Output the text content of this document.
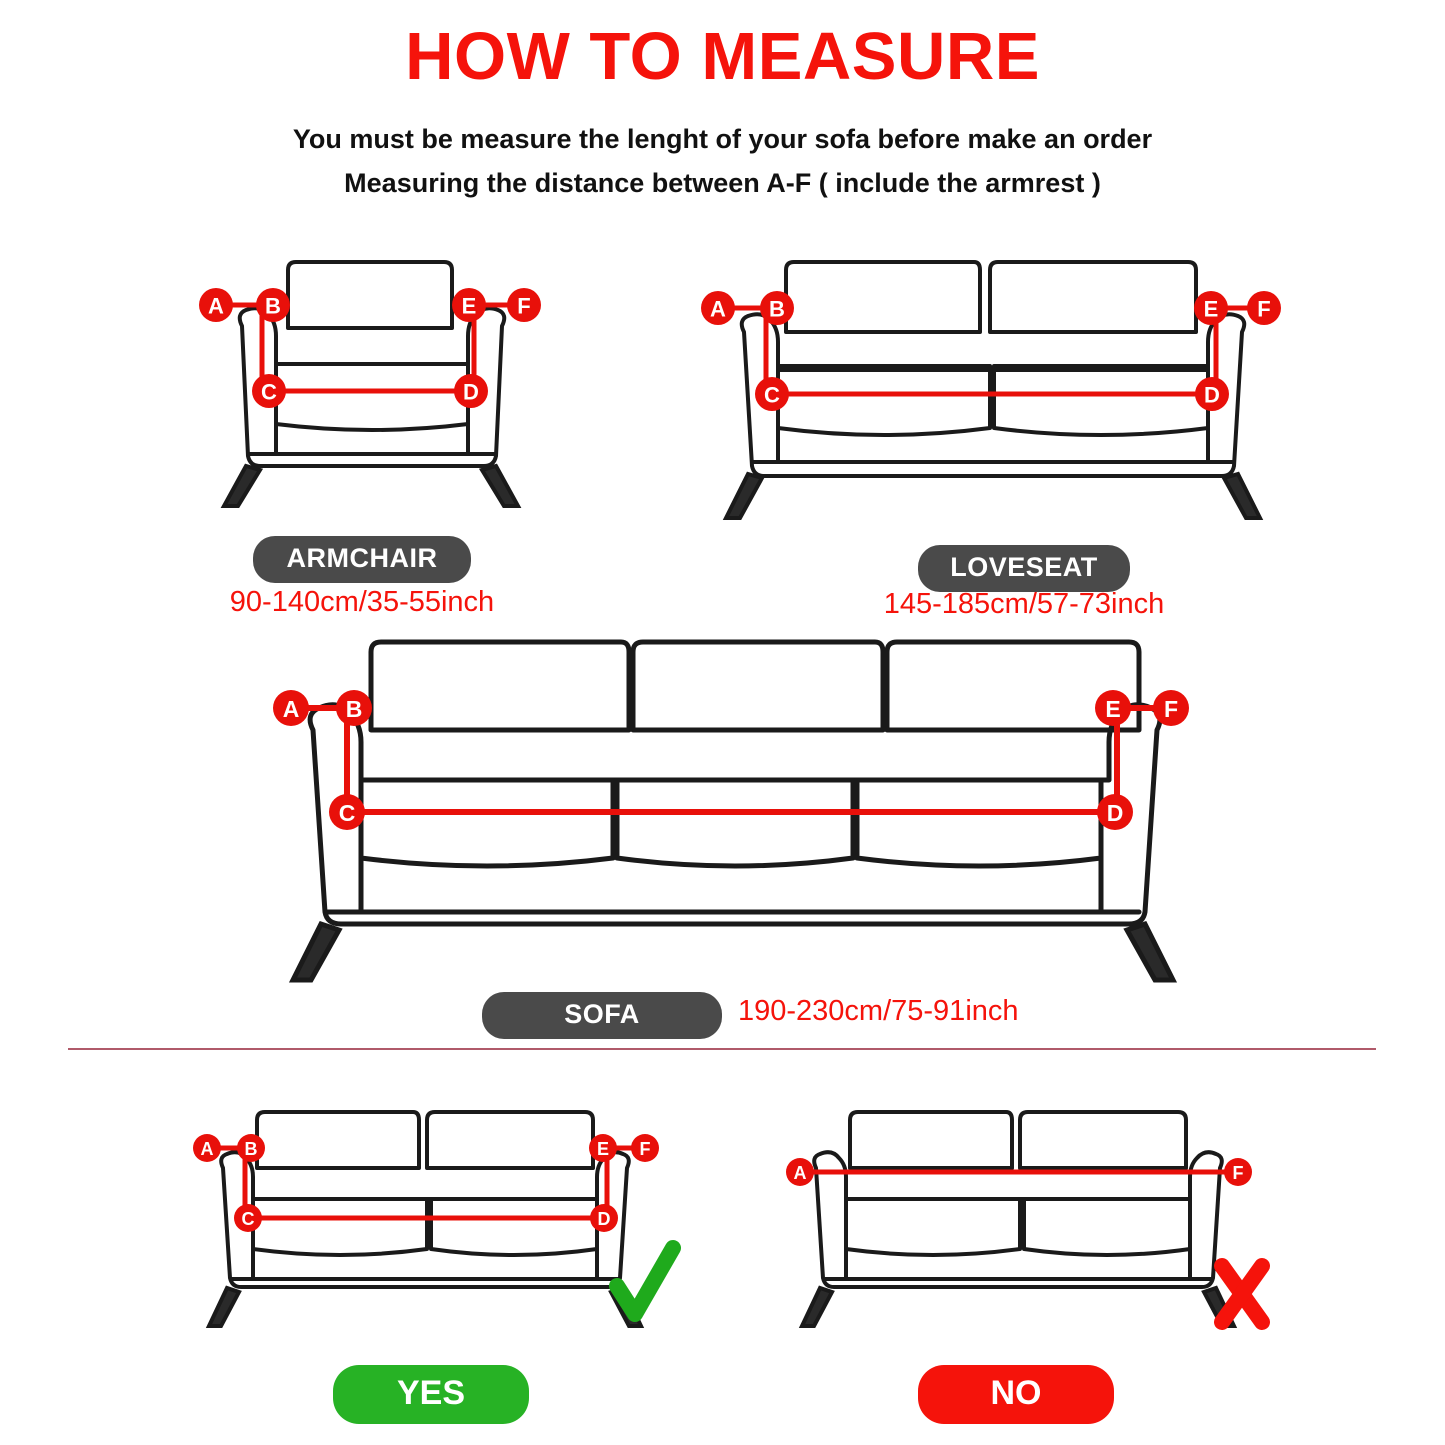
HOW TO MEASURE
You must be measure the lenght of your sofa before make an order
Measuring the distance between A-F ( include the armrest )
A B
C	D
E F
ARMCHAIR
90-140cm/35-55inch
A B
C	D
E F
LOVESEAT
145-185cm/57-73inch
A B
C	D
E F
SOFA	190-230cm/75-91inch
A B
C	D
E F
YES
A	F
NO
